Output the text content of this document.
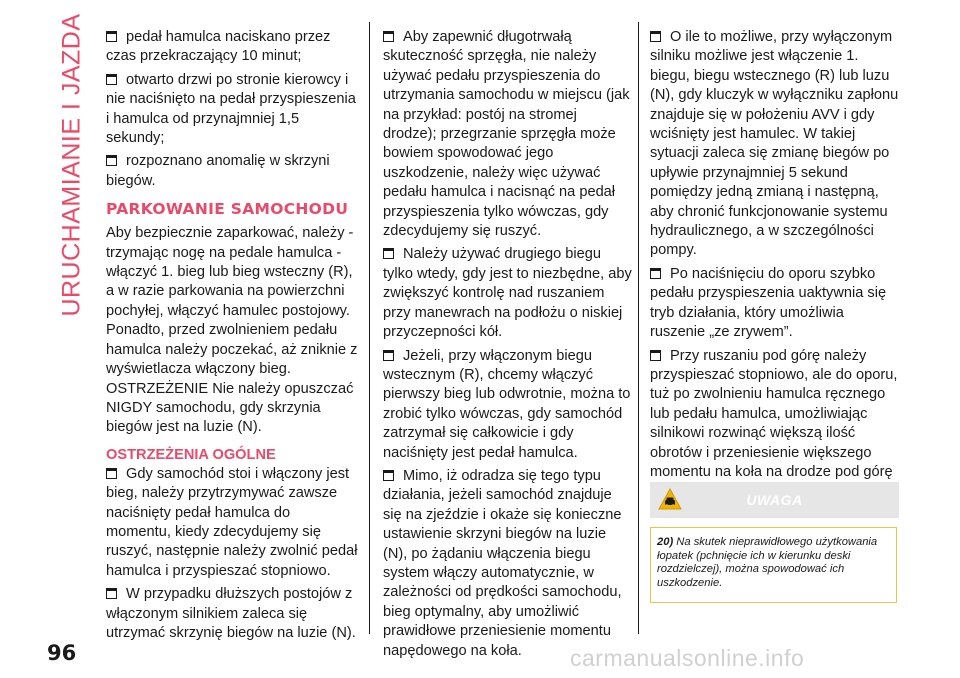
URUCHAMIANIE I JAZDA	pedał hamulca naciskano przez czas przekraczający 10 minut;

otwarto drzwi po stronie kierowcy i nie naciśnięto na pedał przyspieszenia i hamulca od przynajmniej 1,5 sekundy;

rozpoznano anomalię w skrzyni biegów.

PARKOWANIE SAMOCHODU

Aby bezpiecznie zaparkować, należy - trzymając nogę na pedale hamulca - włączyć 1. bieg lub bieg wsteczny (R), a w razie parkowania na powierzchni pochyłej, włączyć hamulec postojowy. Ponadto, przed zwolnieniem pedału hamulca należy poczekać, aż zniknie z wyświetlacza włączony bieg. OSTRZEŻENIE Nie należy opuszczać NIGDY samochodu, gdy skrzynia biegów jest na luzie (N).

OSTRZEŻENIA OGÓLNE

Gdy samochód stoi i włączony jest bieg, należy przytrzymywać zawsze naciśnięty pedał hamulca do momentu, kiedy zdecydujemy się ruszyć, następnie należy zwolnić pedał hamulca i przyspieszać stopniowo.

W przypadku dłuższych postojów z włączonym silnikiem zaleca się utrzymać skrzynię biegów na luzie (N).

Aby zapewnić długotrwałą skuteczność sprzęgła, nie należy używać pedału przyspieszenia do utrzymania samochodu w miejscu (jak na przykład: postój na stromej drodze); przegrzanie sprzęgła może bowiem spowodować jego uszkodzenie, należy więc używać pedału hamulca i nacisnąć na pedał przyspieszenia tylko wówczas, gdy zdecydujemy się ruszyć.

Należy używać drugiego biegu tylko wtedy, gdy jest to niezbędne, aby zwiększyć kontrolę nad ruszaniem przy manewrach na podłożu o niskiej przyczepności kół.

Jeżeli, przy włączonym biegu wstecznym (R), chcemy włączyć pierwszy bieg lub odwrotnie, można to zrobić tylko wówczas, gdy samochód zatrzymał się całkowicie i gdy naciśnięty jest pedał hamulca.

Mimo, iż odradza się tego typu działania, jeżeli samochód znajduje się na zjeździe i okaże się konieczne ustawienie skrzyni biegów na luzie (N), po żądaniu włączenia biegu system włączy automatycznie, w zależności od prędkości samochodu, bieg optymalny, aby umożliwić prawidłowe przeniesienie momentu napędowego na koła.

O ile to możliwe, przy wyłączonym silniku możliwe jest włączenie 1. biegu, biegu wstecznego (R) lub luzu (N), gdy kluczyk w wyłączniku zapłonu znajduje się w położeniu AVV i gdy wciśnięty jest hamulec. W takiej sytuacji zaleca się zmianę biegów po upływie przynajmniej 5 sekund pomiędzy jedną zmianą i następną, aby chronić funkcjonowanie systemu hydraulicznego, a w szczególności pompy.

Po naciśnięciu do oporu szybko pedału przyspieszenia uaktywnia się tryb działania, który umożliwia ruszenie „ze zrywem”.

Przy ruszaniu pod górę należy przyspieszać stopniowo, ale do oporu, tuż po zwolnieniu hamulca ręcznego lub pedału hamulca, umożliwiając silnikowi rozwinąć większą ilość obrotów i przeniesienie większego momentu na koła na drodze pod górę

UWAGA
20) Na skutek nieprawidłowego użytkowania łopatek (pchnięcie ich w kierunku deski rozdzielczej), można spowodować ich uszkodzenie.
96	carmanualsonline.info
